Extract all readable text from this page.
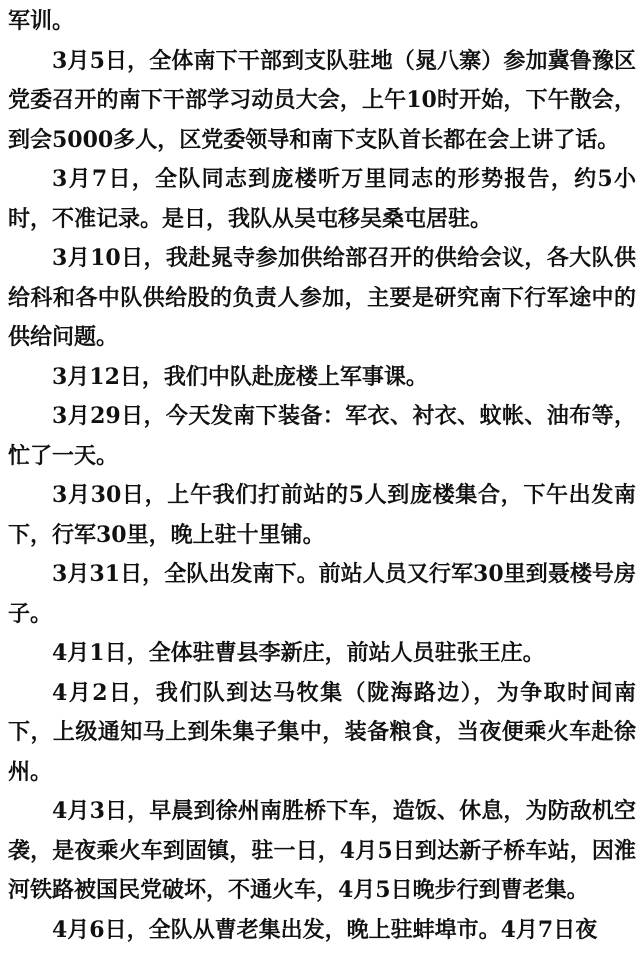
军训。

3月5日，全体南下干部到支队驻地（晁八寨）参加冀鲁豫区党委召开的南下干部学习动员大会，上午10时开始，下午散会，到会5000多人，区党委领导和南下支队首长都在会上讲了话。

3月7日，全队同志到庞楼听万里同志的形势报告，约5小时，不准记录。是日，我队从吴屯移吴桑屯居驻。

3月10日，我赴晁寺参加供给部召开的供给会议，各大队供给科和各中队供给股的负责人参加，主要是研究南下行军途中的供给问题。

3月12日，我们中队赴庞楼上军事课。

3月29日，今天发南下装备：军衣、衬衣、蚊帐、油布等，忙了一天。

3月30日，上午我们打前站的5人到庞楼集合，下午出发南下，行军30里，晚上驻十里铺。

3月31日，全队出发南下。前站人员又行军30里到聂楼号房子。

4月1日，全体驻曹县李新庄，前站人员驻张王庄。

4月2日，我们队到达马牧集（陇海路边），为争取时间南下，上级通知马上到朱集子集中，装备粮食，当夜便乘火车赴徐州。

4月3日，早晨到徐州南胜桥下车，造饭、休息，为防敌机空袭，是夜乘火车到固镇，驻一日，4月5日到达新子桥车站，因淮河铁路被国民党破坏，不通火车，4月5日晚步行到曹老集。

4月6日，全队从曹老集出发，晚上驻蚌埠市。4月7日夜
